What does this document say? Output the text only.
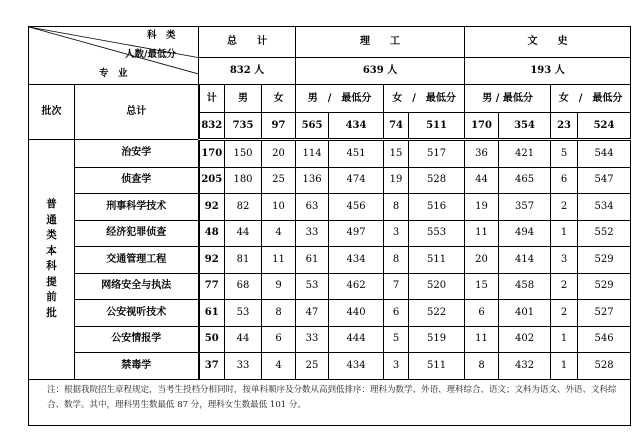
科　类
人数/最低分
专　业		总　　计			理　　工				文　　史			
		832 人			639 人				193 人			
批次	总计	计	男	女	男　/　最低分		女　/　最低分		男 / 最低分		女　/　最低分	
		832	735	97	565	434	74	511	170	354	23	524

普通类本科提前批	治安学	170	150	20	114	451	15	517	36	421	5	544
	侦查学	205	180	25	136	474	19	528	44	465	6	547
	刑事科学技术	92	82	10	63	456	8	516	19	357	2	534
	经济犯罪侦查	48	44	4	33	497	3	553	11	494	1	552
	交通管理工程	92	81	11	61	434	8	511	20	414	3	529
	网络安全与执法	77	68	9	53	462	7	520	15	458	2	529
	公安视听技术	61	53	8	47	440	6	522	6	401	2	527
	公安情报学	50	44	6	33	444	5	519	11	402	1	546
	禁毒学	37	33	4	25	434	3	511	8	432	1	528
注：根据我院招生章程规定，当考生投档分相同时，按单科顺序及分数从高到低排序：理科为数学、外语、理科综合、语文；文科为语文、外语、文科综合、数学。其中，理科男生数最低 87 分，理科女生数最低 101 分。												
